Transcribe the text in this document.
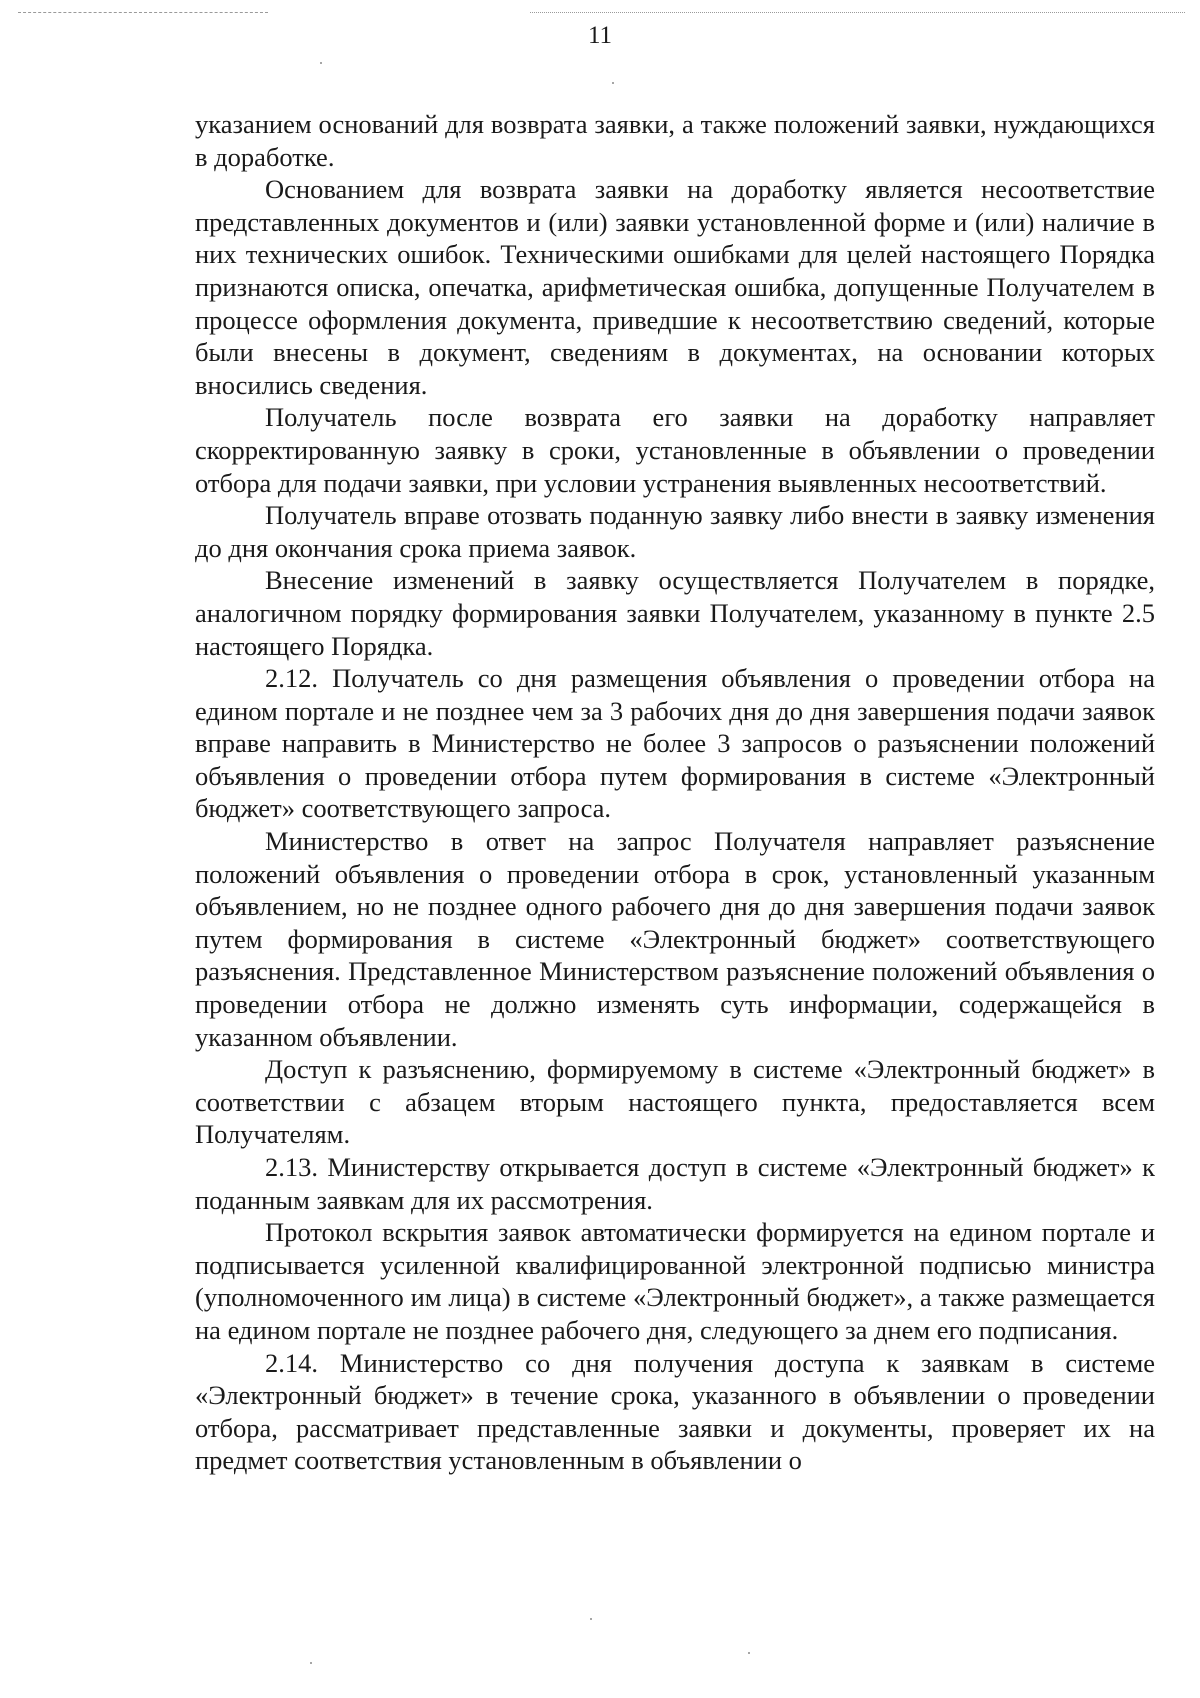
11

указанием оснований для возврата заявки, а также положений заявки, нуждающихся в доработке.

Основанием для возврата заявки на доработку является несоответствие представленных документов и (или) заявки установленной форме и (или) наличие в них технических ошибок. Техническими ошибками для целей настоящего Порядка признаются описка, опечатка, арифметическая ошибка, допущенные Получателем в процессе оформления документа, приведшие к несоответствию сведений, которые были внесены в документ, сведениям в документах, на основании которых вносились сведения.

Получатель после возврата его заявки на доработку направляет скорректированную заявку в сроки, установленные в объявлении о проведении отбора для подачи заявки, при условии устранения выявленных несоответствий.

Получатель вправе отозвать поданную заявку либо внести в заявку изменения до дня окончания срока приема заявок.

Внесение изменений в заявку осуществляется Получателем в порядке, аналогичном порядку формирования заявки Получателем, указанному в пункте 2.5 настоящего Порядка.

2.12. Получатель со дня размещения объявления о проведении отбора на едином портале и не позднее чем за 3 рабочих дня до дня завершения подачи заявок вправе направить в Министерство не более 3 запросов о разъяснении положений объявления о проведении отбора путем формирования в системе «Электронный бюджет» соответствующего запроса.

Министерство в ответ на запрос Получателя направляет разъяснение положений объявления о проведении отбора в срок, установленный указанным объявлением, но не позднее одного рабочего дня до дня завершения подачи заявок путем формирования в системе «Электронный бюджет» соответствующего разъяснения. Представленное Министерством разъяснение положений объявления о проведении отбора не должно изменять суть информации, содержащейся в указанном объявлении.

Доступ к разъяснению, формируемому в системе «Электронный бюджет» в соответствии с абзацем вторым настоящего пункта, предоставляется всем Получателям.

2.13. Министерству открывается доступ в системе «Электронный бюджет» к поданным заявкам для их рассмотрения.

Протокол вскрытия заявок автоматически формируется на едином портале и подписывается усиленной квалифицированной электронной подписью министра (уполномоченного им лица) в системе «Электронный бюджет», а также размещается на едином портале не позднее рабочего дня, следующего за днем его подписания.

2.14. Министерство со дня получения доступа к заявкам в системе «Электронный бюджет» в течение срока, указанного в объявлении о проведении отбора, рассматривает представленные заявки и документы, проверяет их на предмет соответствия установленным в объявлении о
